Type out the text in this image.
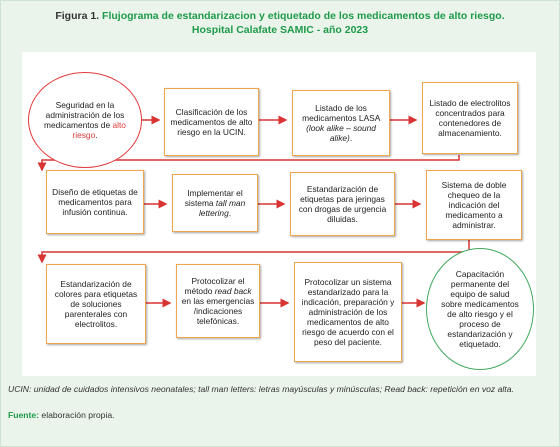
Figura 1. Flujograma de estandarizacion y etiquetado de los medicamentos de alto riesgo.
Hospital Calafate SAMIC - año 2023
Seguridad en la administración de los medicamentos de alto riesgo.
Clasificación de los medicamentos de alto riesgo en la UCIN.
Listado de los medicamentos LASA (look alike – sound alike).
Listado de electrolitos concentrados para contenedores de almacenamiento.
Diseño de etiquetas de medicamentos para infusión continua.
Implementar el sistema tall man lettering.
Estandarización de etiquetas para jeringas con drogas de urgencia diluidas.
Sistema de doble chequeo de la indicación del medicamento a administrar.
Estandarización de colores para etiquetas de soluciones parenterales con electrolitos.
Protocolizar el método read back en las emergencias /indicaciones telefónicas.
Protocolizar un sistema estandarizado para la indicación, preparación y administración de los medicamentos de alto riesgo de acuerdo con el peso del paciente.
Capacitación permanente del equipo de salud sobre medicamentos de alto riesgo y el proceso de estandarización y etiquetado.
UCIN: unidad de cuidados intensivos neonatales; tall man letters: letras mayúsculas y minúsculas; Read back: repetición en voz alta.
Fuente: elaboración propia.
